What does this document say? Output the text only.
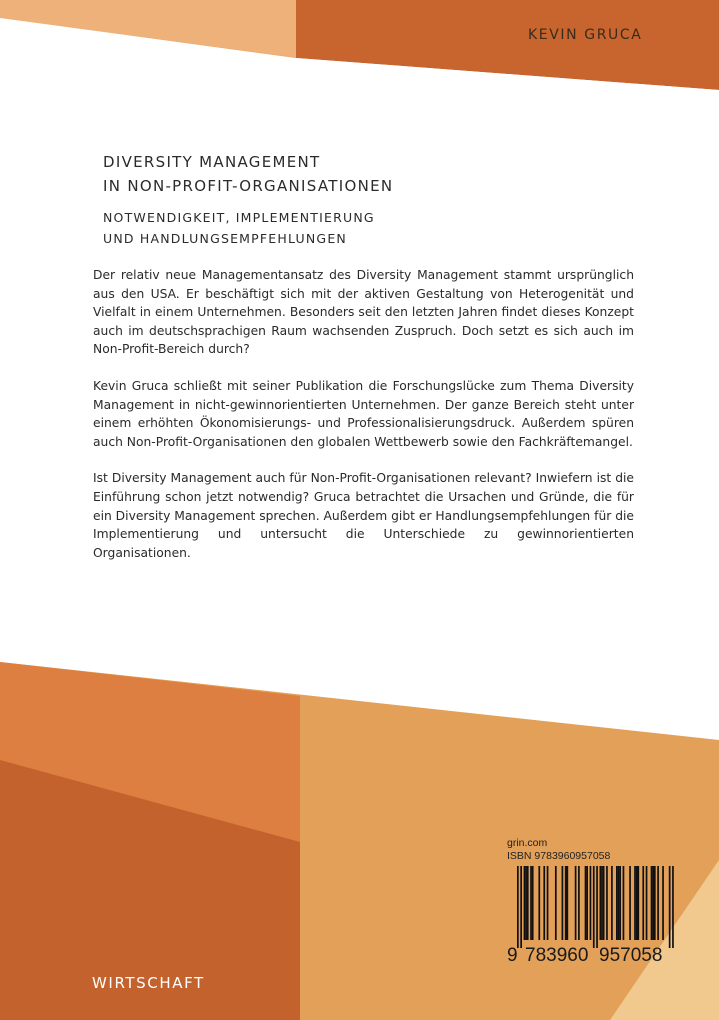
KEVIN GRUCA
DIVERSITY MANAGEMENT
IN NON-PROFIT-ORGANISATIONEN
NOTWENDIGKEIT, IMPLEMENTIERUNG
UND HANDLUNGSEMPFEHLUNGEN

Der relativ neue Managementansatz des Diversity Management stammt ursprünglich aus den USA. Er beschäftigt sich mit der aktiven Gestaltung von Heterogenität und Vielfalt in einem Unternehmen. Besonders seit den letzten Jahren findet dieses Konzept auch im deutschsprachigen Raum wachsenden Zuspruch. Doch setzt es sich auch im Non-Profit-Bereich durch?

Kevin Gruca schließt mit seiner Publikation die Forschungslücke zum Thema Diversity Management in nicht-gewinnorientierten Unternehmen. Der ganze Bereich steht unter einem erhöhten Ökonomisierungs- und Professionalisierungsdruck. Außerdem spüren auch Non-Profit-Organisationen den globalen Wettbewerb sowie den Fachkräftemangel.

Ist Diversity Management auch für Non-Profit-Organisationen relevant? Inwiefern ist die Einführung schon jetzt notwendig? Gruca betrachtet die Ursachen und Gründe, die für ein Diversity Management sprechen. Außerdem gibt er Handlungsempfehlungen für die Implementierung und untersucht die Unterschiede zu gewinnorientierten Organisationen.

grin.com
ISBN 9783960957058
9 783960 957058
WIRTSCHAFT
